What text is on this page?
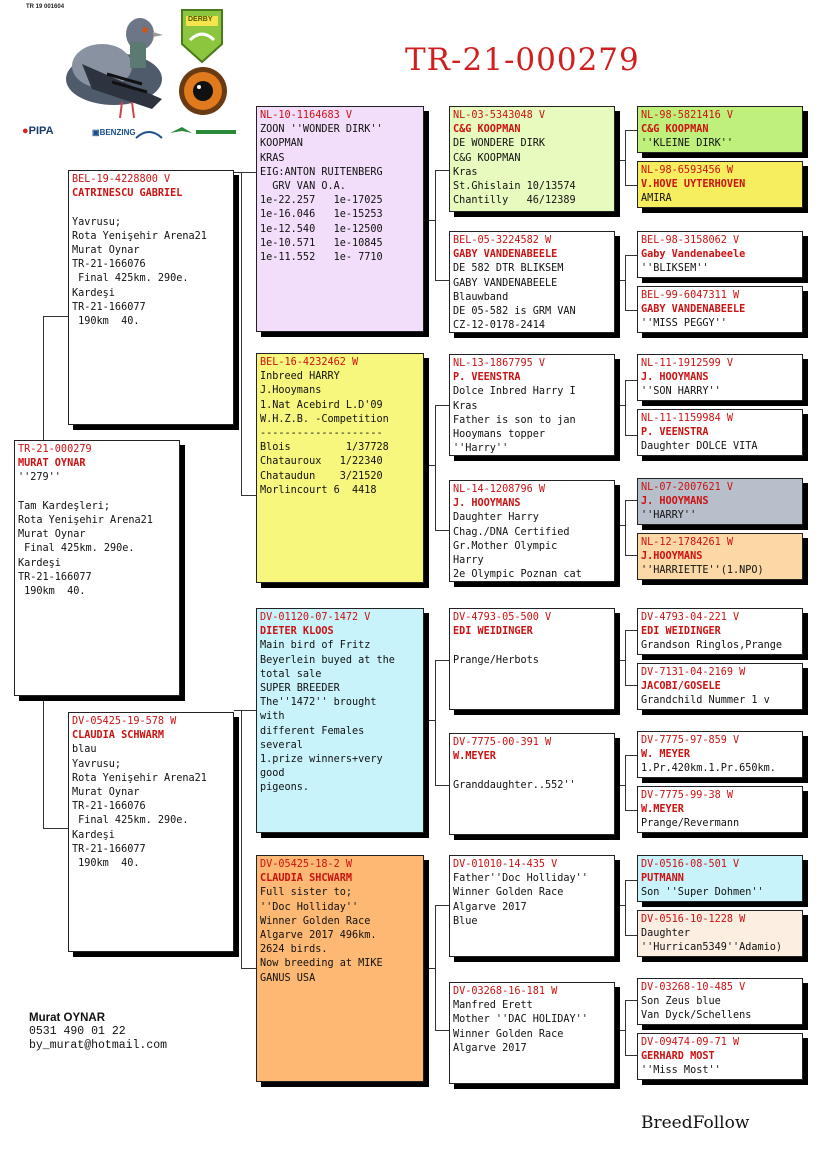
TR 19 001604
DERBY
●PIPA	▣BENZING
TR-21-000279
TR-21-000279
MURAT OYNAR
''279''
Tam Kardeşleri;
Rota Yenişehir Arena21
Murat Oynar
Final 425km. 290e.
Kardeşi
TR-21-166077
190km  40.
BEL-19-4228800 V
CATRINESCU GABRIEL
Yavrusu;
Rota Yenişehir Arena21
Murat Oynar
TR-21-166076
Final 425km. 290e.
Kardeşi
TR-21-166077
190km  40.
DV-05425-19-578 W
CLAUDIA SCHWARM
blau
Yavrusu;
Rota Yenişehir Arena21
Murat Oynar
TR-21-166076
Final 425km. 290e.
Kardeşi
TR-21-166077
190km  40.
NL-10-1164683 V
ZOON ''WONDER DIRK''
KOOPMAN
KRAS
EIG:ANTON RUITENBERG
GRV VAN O.A.
1e-22.257   1e-17025
1e-16.046   1e-15253
1e-12.540   1e-12500
1e-10.571   1e-10845
1e-11.552   1e- 7710
BEL-16-4232462 W
Inbreed HARRY
J.Hooymans
1.Nat Acebird L.D'09
W.H.Z.B. -Competition
--------------------
Blois         1/37728
Chatauroux   1/22340
Chataudun    3/21520
Morlincourt 6  4418
DV-01120-07-1472 V
DIETER KLOOS
Main bird of Fritz
Beyerlein buyed at the
total sale
SUPER BREEDER
The''1472'' brought
with
different Females
several
1.prize winners+very
good
pigeons.
DV-05425-18-2 W
CLAUDIA SHCWARM
Full sister to;
''Doc Holliday''
Winner Golden Race
Algarve 2017 496km.
2624 birds.
Now breeding at MIKE
GANUS USA
NL-03-5343048 V
C&G KOOPMAN
DE WONDERE DIRK
C&G KOOPMAN
Kras
St.Ghislain 10/13574
Chantilly   46/12389
BEL-05-3224582 W
GABY VANDENABEELE
DE 582 DTR BLIKSEM
GABY VANDENABEELE
Blauwband
DE 05-582 is GRM VAN
CZ-12-0178-2414
NL-13-1867795 V
P. VEENSTRA
Dolce Inbred Harry I
Kras
Father is son to jan
Hooymans topper
''Harry''
NL-14-1208796 W
J. HOOYMANS
Daughter Harry
Chag./DNA Certified
Gr.Mother Olympic
Harry
2e Olympic Poznan cat
DV-4793-05-500 V
EDI WEIDINGER
Prange/Herbots
DV-7775-00-391 W
W.MEYER
Granddaughter..552''
DV-01010-14-435 V
Father''Doc Holliday''
Winner Golden Race
Algarve 2017
Blue
DV-03268-16-181 W
Manfred Erett
Mother ''DAC HOLIDAY''
Winner Golden Race
Algarve 2017
NL-98-5821416 V
C&G KOOPMAN
''KLEINE DIRK''
NL-98-6593456 W
V.HOVE UYTERHOVEN
AMIRA
BEL-98-3158062 V
Gaby Vandenabeele
''BLIKSEM''
BEL-99-6047311 W
GABY VANDENABEELE
''MISS PEGGY''
NL-11-1912599 V
J. HOOYMANS
''SON HARRY''
NL-11-1159984 W
P. VEENSTRA
Daughter DOLCE VITA
NL-07-2007621 V
J. HOOYMANS
''HARRY''
NL-12-1784261 W
J.HOOYMANS
''HARRIETTE''(1.NPO)
DV-4793-04-221 V
EDI WEIDINGER
Grandson Ringlos,Prange
DV-7131-04-2169 W
JACOBI/GOSELE
Grandchild Nummer 1 v
DV-7775-97-859 V
W. MEYER
1.Pr.420km.1.Pr.650km.
DV-7775-99-38 W
W.MEYER
Prange/Revermann
DV-0516-08-501 V
PUTMANN
Son ''Super Dohmen''
DV-0516-10-1228 W
Daughter
''Hurrican5349''Adamio)
DV-03268-10-485 V
Son Zeus blue
Van Dyck/Schellens
DV-09474-09-71 W
GERHARD MOST
''Miss Most''
Murat OYNAR
0531 490 01 22
by_murat@hotmail.com
BreedFollow
